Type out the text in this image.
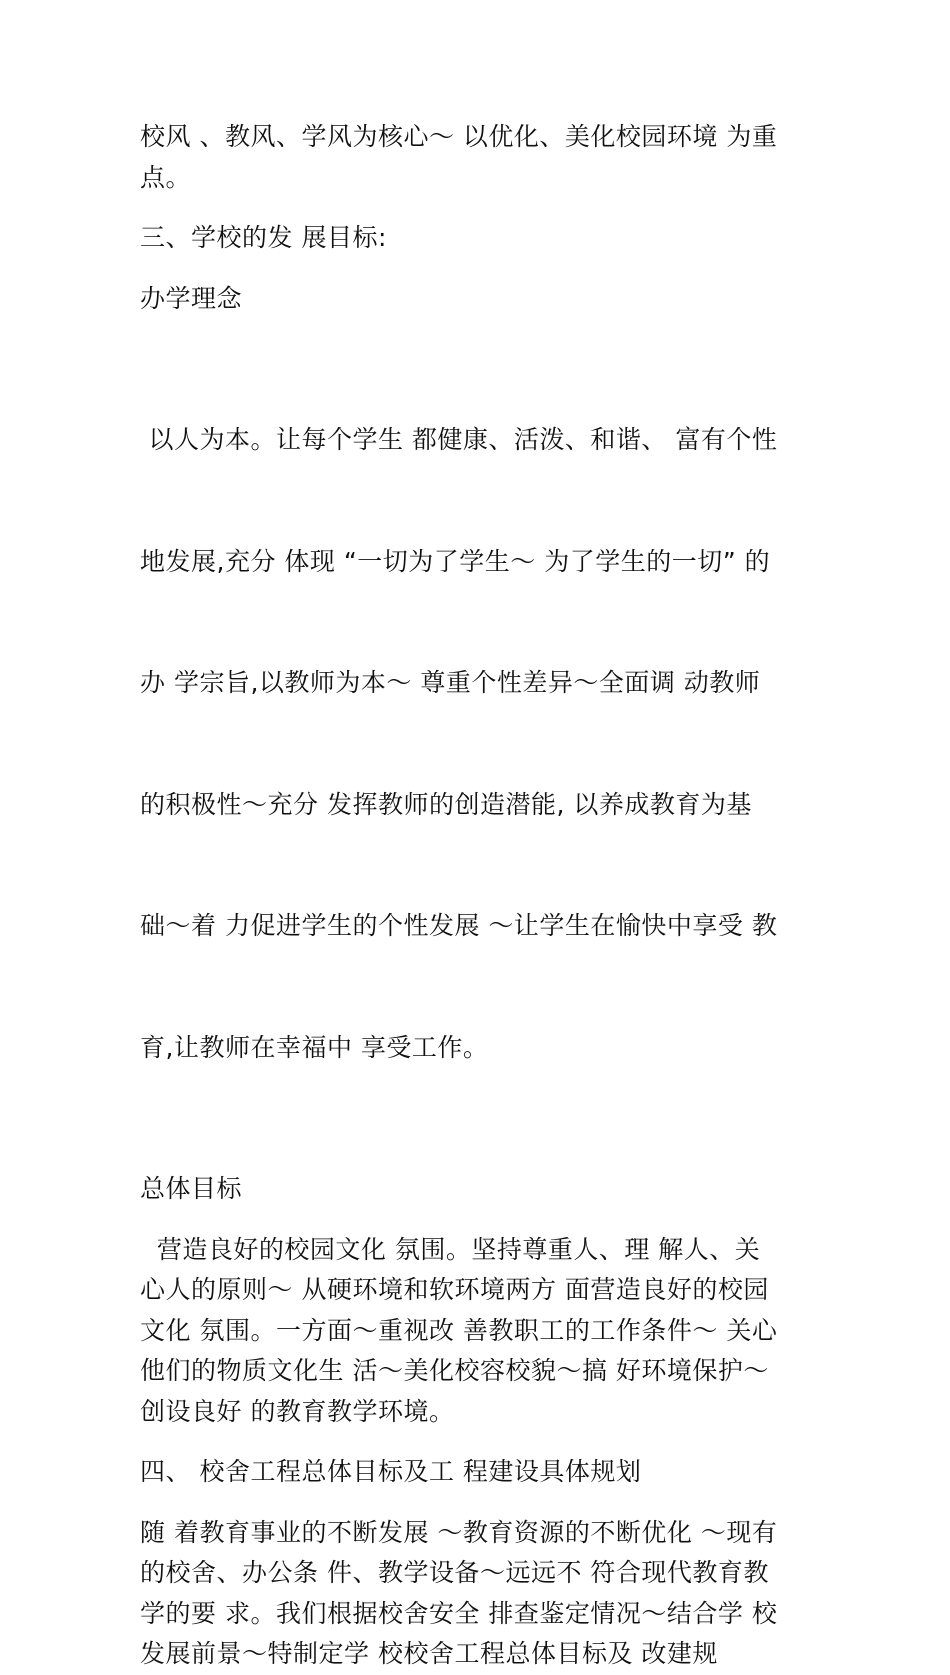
校风 、教风、学风为核心～ 以优化、美化校园环境 为重
点。

三、学校的发 展目标:

办学理念

以人为本。让每个学生 都健康、活泼、和谐、 富有个性

地发展,充分 体现 “一切为了学生～ 为了学生的一切” 的

办 学宗旨,以教师为本～ 尊重个性差异～全面调 动教师

的积极性～充分 发挥教师的创造潜能, 以养成教育为基

础～着 力促进学生的个性发展 ～让学生在愉快中享受 教

育,让教师在幸福中 享受工作。

总体目标

营造良好的校园文化 氛围。坚持尊重人、理 解人、关
心人的原则～ 从硬环境和软环境两方 面营造良好的校园
文化 氛围。一方面～重视改 善教职工的工作条件～ 关心
他们的物质文化生 活～美化校容校貌～搞 好环境保护～
创设良好 的教育教学环境。

四、 校舍工程总体目标及工 程建设具体规划

随 着教育事业的不断发展 ～教育资源的不断优化 ～现有
的校舍、办公条 件、教学设备～远远不 符合现代教育教
学的要 求。我们根据校舍安全 排查鉴定情况～结合学 校
发展前景～特制定学 校校舍工程总体目标及 改建规
